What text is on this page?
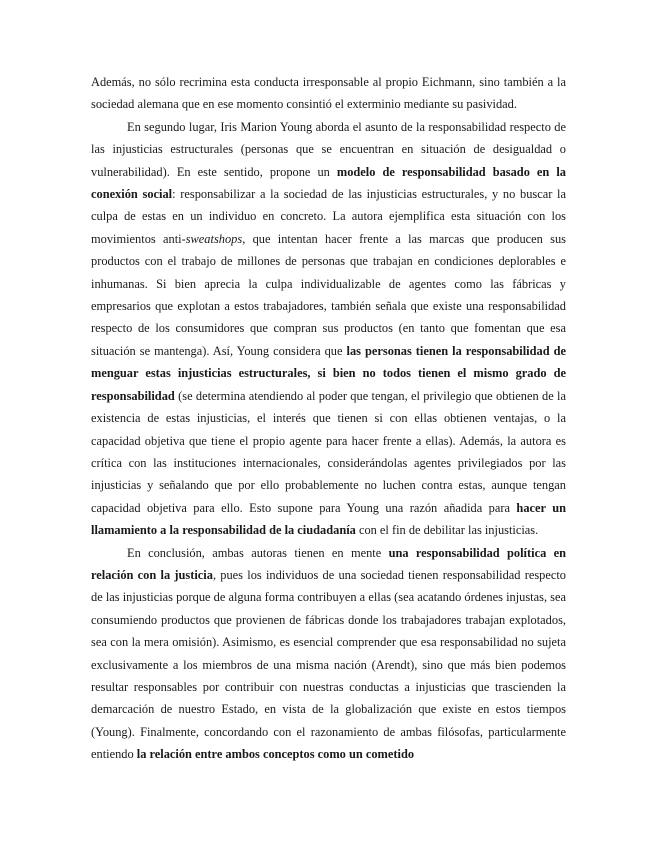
Además, no sólo recrimina esta conducta irresponsable al propio Eichmann, sino también a la sociedad alemana que en ese momento consintió el exterminio mediante su pasividad.

En segundo lugar, Iris Marion Young aborda el asunto de la responsabilidad respecto de las injusticias estructurales (personas que se encuentran en situación de desigualdad o vulnerabilidad). En este sentido, propone un modelo de responsabilidad basado en la conexión social: responsabilizar a la sociedad de las injusticias estructurales, y no buscar la culpa de estas en un individuo en concreto. La autora ejemplifica esta situación con los movimientos anti-sweatshops, que intentan hacer frente a las marcas que producen sus productos con el trabajo de millones de personas que trabajan en condiciones deplorables e inhumanas. Si bien aprecia la culpa individualizable de agentes como las fábricas y empresarios que explotan a estos trabajadores, también señala que existe una responsabilidad respecto de los consumidores que compran sus productos (en tanto que fomentan que esa situación se mantenga). Así, Young considera que las personas tienen la responsabilidad de menguar estas injusticias estructurales, si bien no todos tienen el mismo grado de responsabilidad (se determina atendiendo al poder que tengan, el privilegio que obtienen de la existencia de estas injusticias, el interés que tienen si con ellas obtienen ventajas, o la capacidad objetiva que tiene el propio agente para hacer frente a ellas). Además, la autora es crítica con las instituciones internacionales, considerándolas agentes privilegiados por las injusticias y señalando que por ello probablemente no luchen contra estas, aunque tengan capacidad objetiva para ello. Esto supone para Young una razón añadida para hacer un llamamiento a la responsabilidad de la ciudadanía con el fin de debilitar las injusticias.

En conclusión, ambas autoras tienen en mente una responsabilidad política en relación con la justicia, pues los individuos de una sociedad tienen responsabilidad respecto de las injusticias porque de alguna forma contribuyen a ellas (sea acatando órdenes injustas, sea consumiendo productos que provienen de fábricas donde los trabajadores trabajan explotados, sea con la mera omisión). Asimismo, es esencial comprender que esa responsabilidad no sujeta exclusivamente a los miembros de una misma nación (Arendt), sino que más bien podemos resultar responsables por contribuir con nuestras conductas a injusticias que trascienden la demarcación de nuestro Estado, en vista de la globalización que existe en estos tiempos (Young). Finalmente, concordando con el razonamiento de ambas filósofas, particularmente entiendo la relación entre ambos conceptos como un cometido
